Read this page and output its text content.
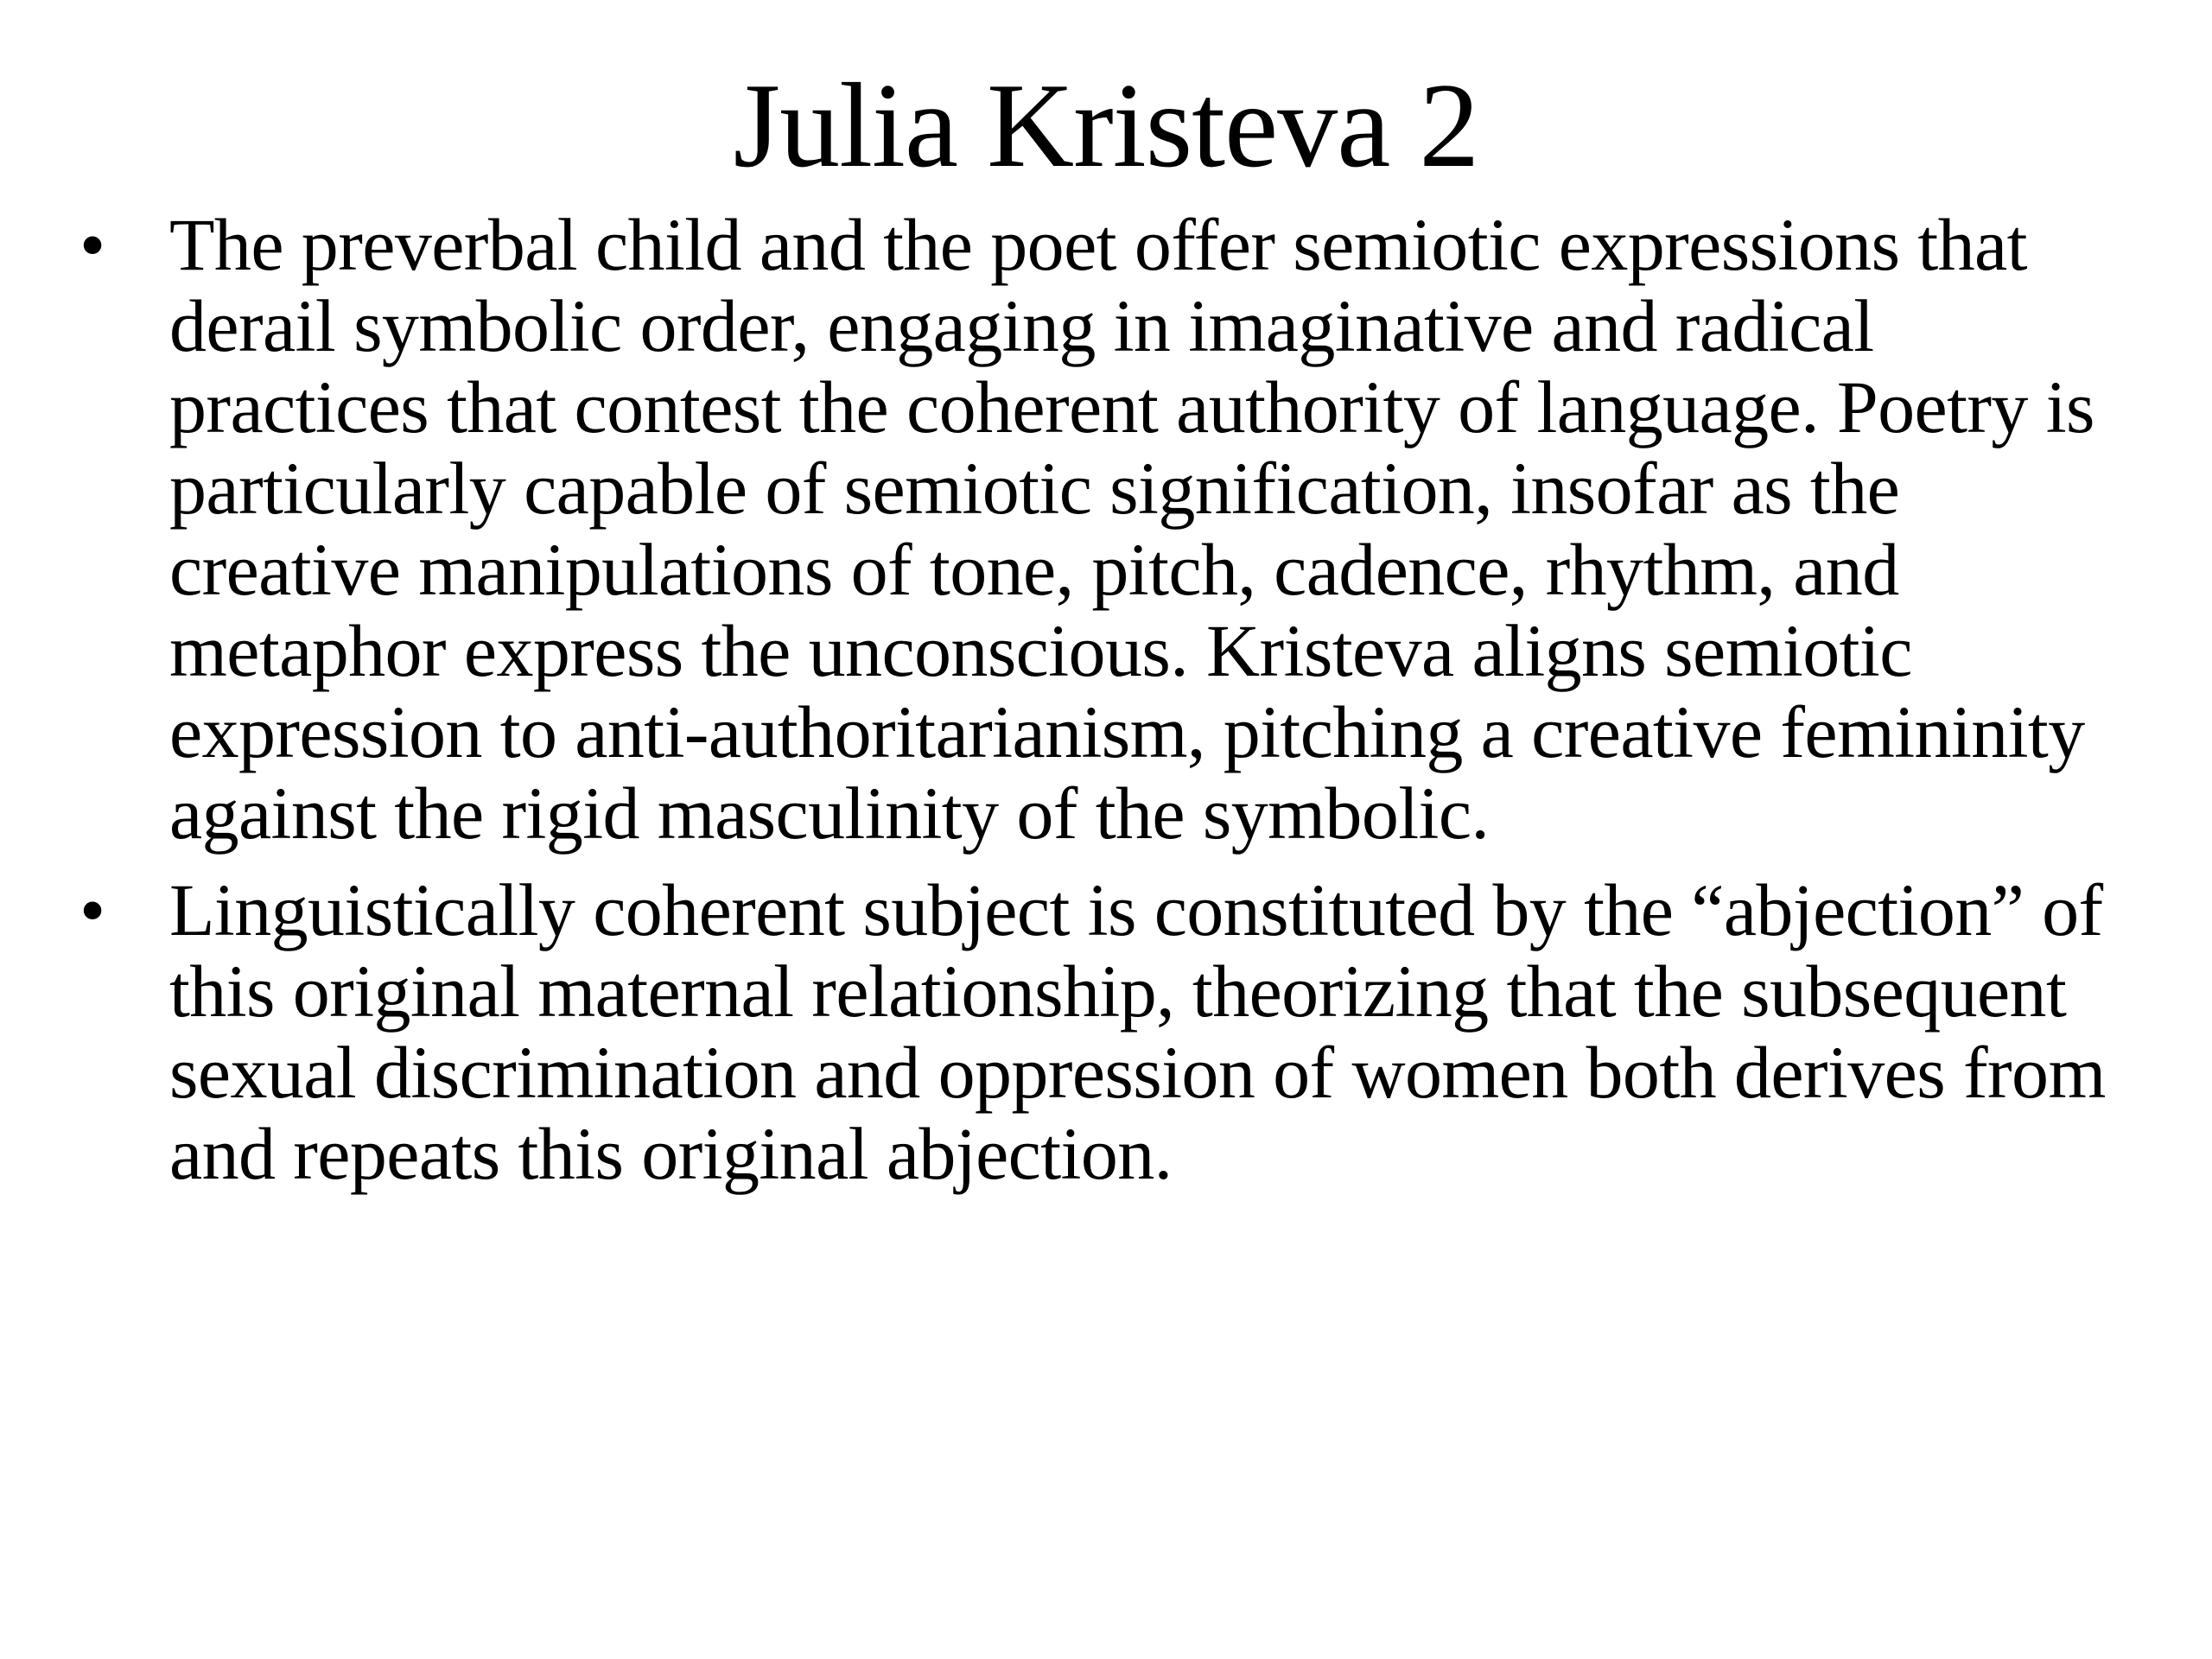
Julia Kristeva 2
• The preverbal child and the poet offer semiotic expressions that derail symbolic order, engaging in imaginative and radical practices that contest the coherent authority of language. Poetry is particularly capable of semiotic signification, insofar as the creative manipulations of tone, pitch, cadence, rhythm, and metaphor express the unconscious. Kristeva aligns semiotic expression to anti-authoritarianism, pitching a creative femininity against the rigid masculinity of the symbolic.
• Linguistically coherent subject is constituted by the “abjection” of this original maternal relationship, theorizing that the subsequent sexual discrimination and oppression of women both derives from and repeats this original abjection.
